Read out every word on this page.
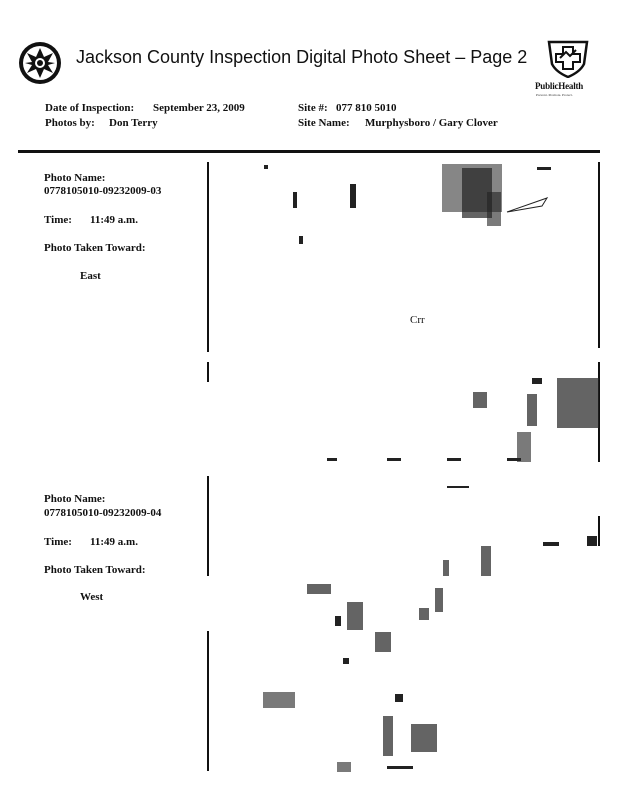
Jackson County Inspection Digital Photo Sheet – Page 2
PublicHealth
Prevent. Promote. Protect.
Date of Inspection: September 23, 2009
Photos by: Don Terry
Site #: 077 810 5010
Site Name: Murphysboro / Gary Clover
Photo Name:
0778105010-09232009-03
Time: 11:49 a.m.
Photo Taken Toward:
East
Crr
Photo Name:
0778105010-09232009-04
Time: 11:49 a.m.
Photo Taken Toward:
West
